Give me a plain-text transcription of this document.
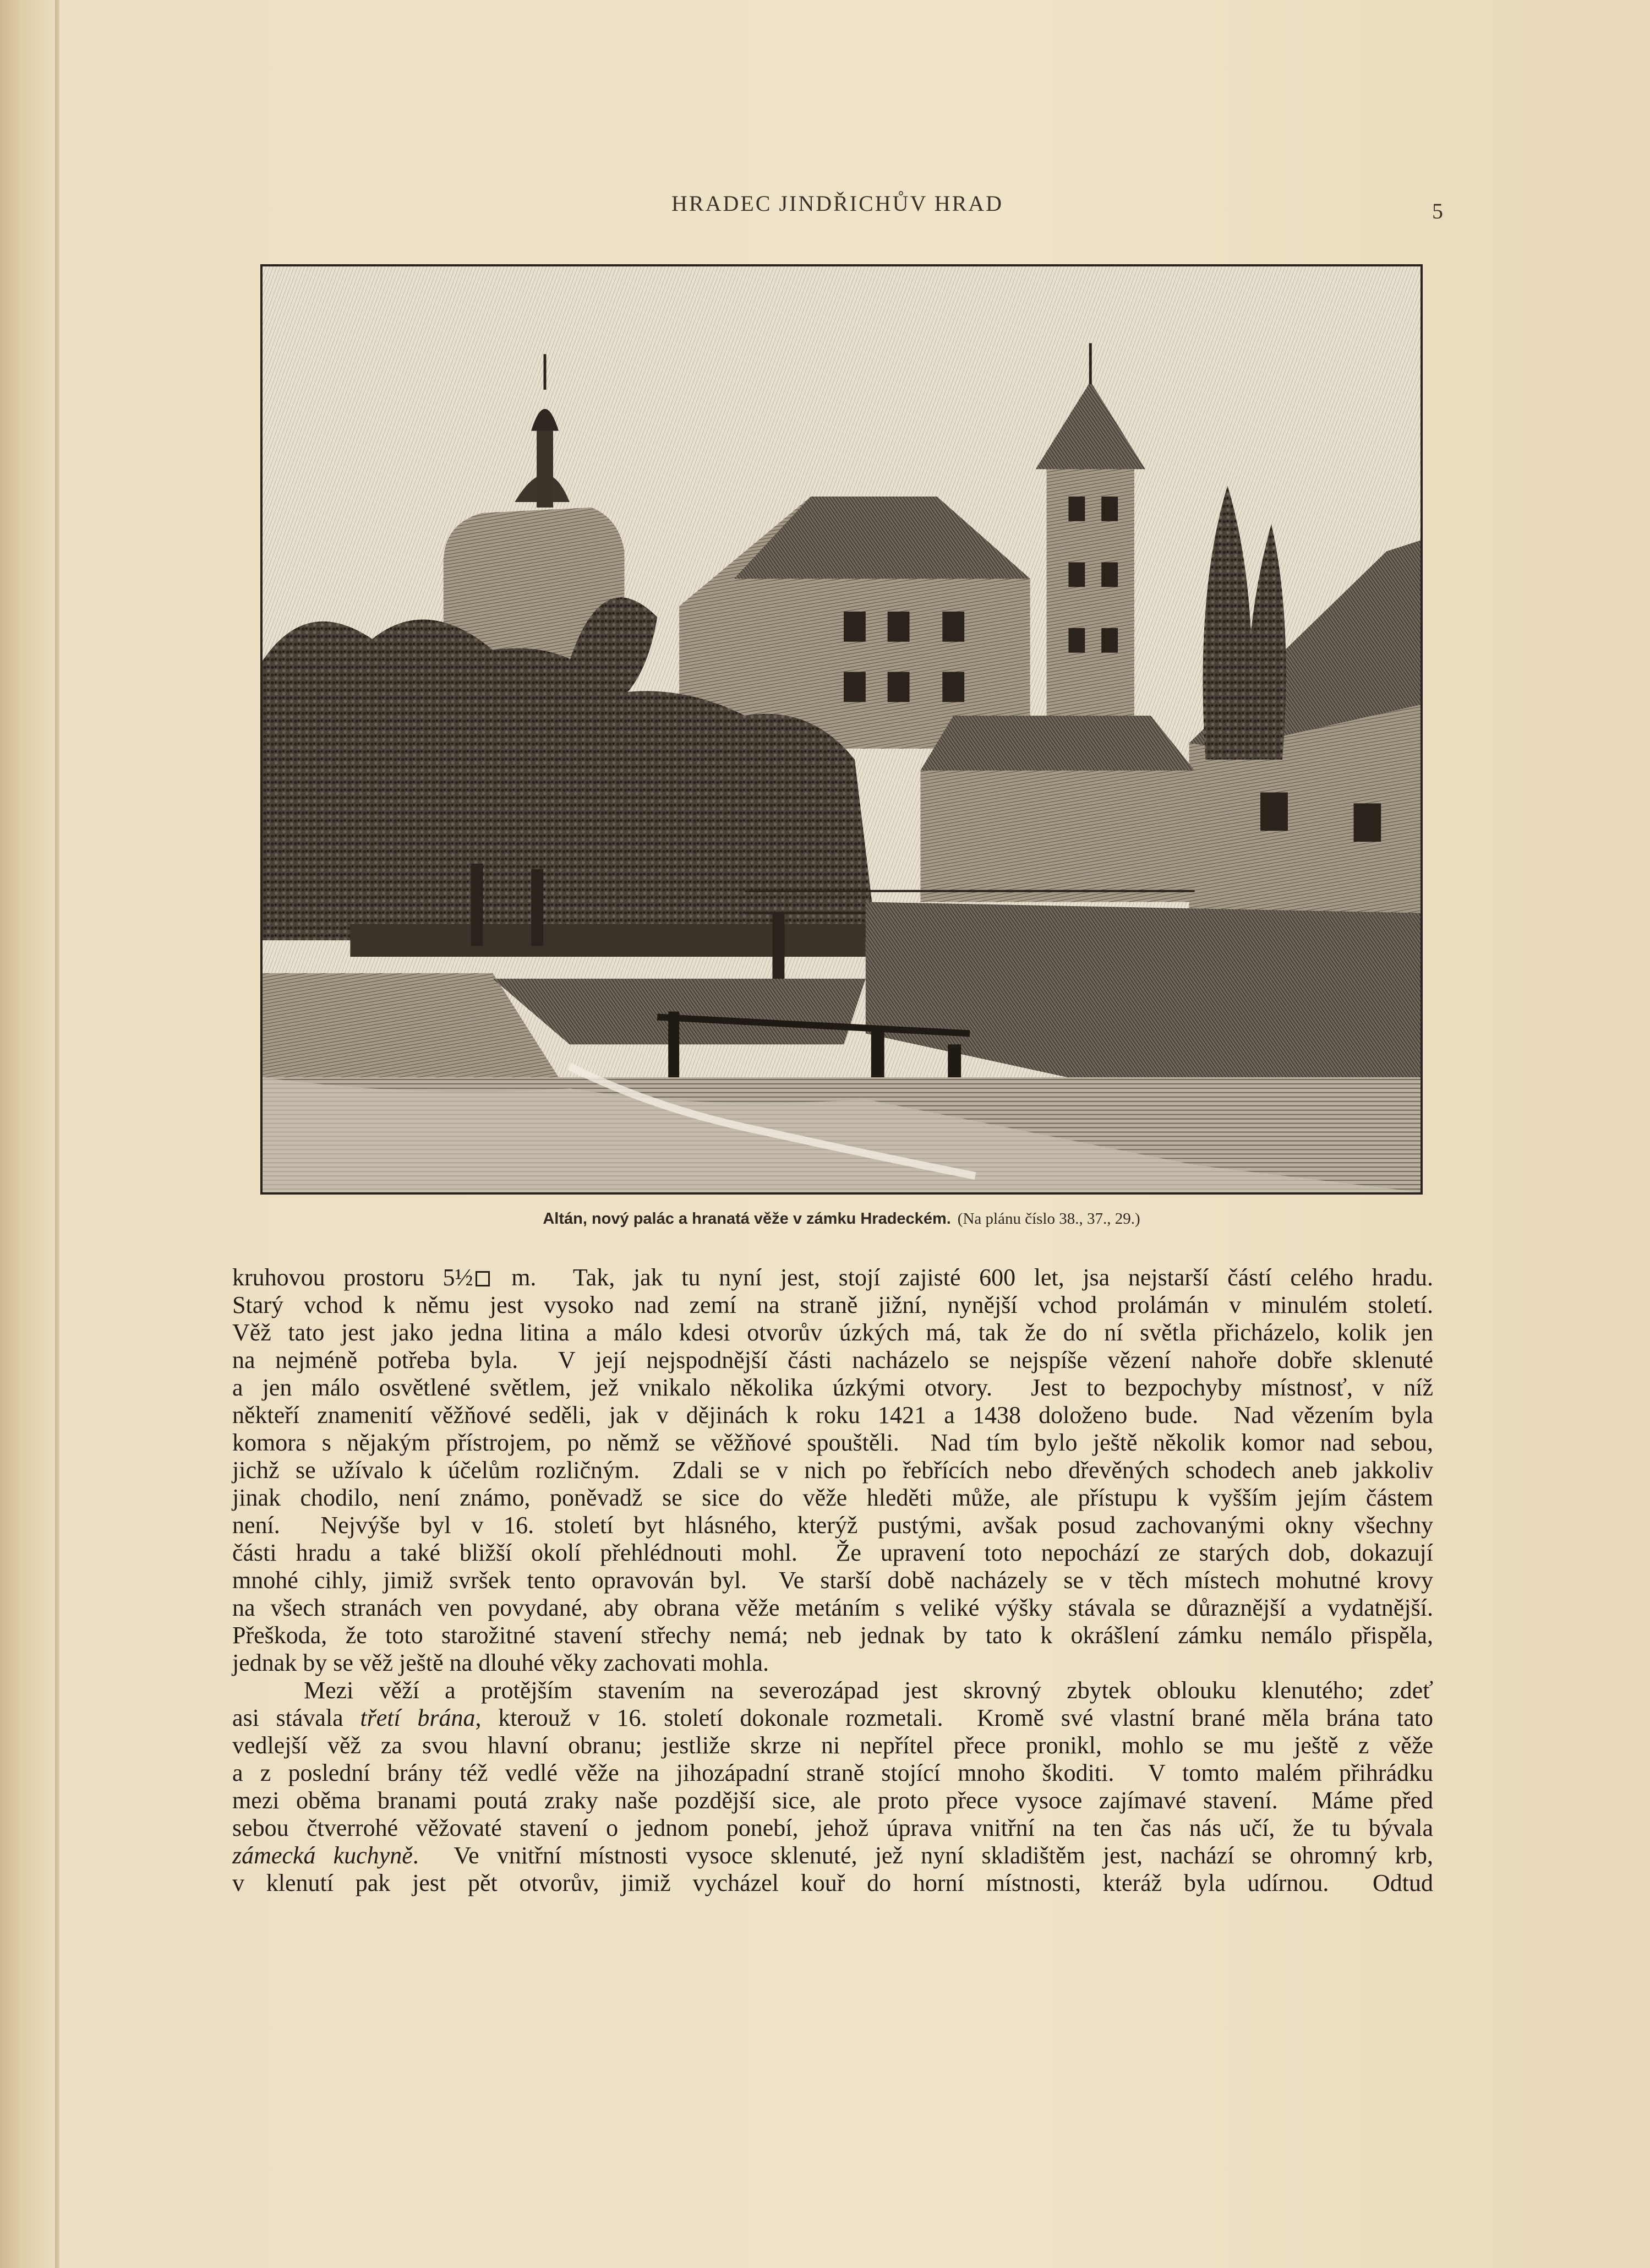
HRADEC JINDŘICHŮV HRAD	5
Altán, nový palác a hranatá věže v zámku Hradeckém. (Na plánu číslo 38., 37., 29.)
kruhovou prostoru 5½ m.  Tak, jak tu nyní jest, stojí zajisté 600 let, jsa nejstarší částí celého hradu.
Starý vchod k němu jest vysoko nad zemí na straně jižní, nynější vchod prolámán v minulém století.
Věž tato jest jako jedna litina a málo kdesi otvorův úzkých má, tak že do ní světla přicházelo, kolik jen
na nejméně potřeba byla.  V její nejspodnější části nacházelo se nejspíše vězení nahoře dobře sklenuté
a jen málo osvětlené světlem, jež vnikalo několika úzkými otvory.  Jest to bezpochyby místnosť, v níž
někteří znamenití věžňové seděli, jak v dějinách k roku 1421 a 1438 doloženo bude.  Nad vězením byla
komora s nějakým přístrojem, po němž se věžňové spouštěli.  Nad tím bylo ještě několik komor nad sebou,
jichž se užívalo k účelům rozličným.  Zdali se v nich po řebřících nebo dřevěných schodech aneb jakkoliv
jinak chodilo, není známo, poněvadž se sice do věže hleděti může, ale přístupu k vyšším jejím částem
není.  Nejvýše byl v 16. století byt hlásného, kterýž pustými, avšak posud zachovanými okny všechny
části hradu a také bližší okolí přehlédnouti mohl.  Že upravení toto nepochází ze starých dob, dokazují
mnohé cihly, jimiž svršek tento opravován byl.  Ve starší době nacházely se v těch místech mohutné krovy
na všech stranách ven povydané, aby obrana věže metáním s veliké výšky stávala se důraznější a vydatnější.
Přeškoda, že toto starožitné stavení střechy nemá; neb jednak by tato k okrášlení zámku nemálo přispěla,
jednak by se věž ještě na dlouhé věky zachovati mohla.
Mezi věží a protějším stavením na severozápad jest skrovný zbytek oblouku klenutého; zdeť
asi stávala třetí brána, kterouž v 16. století dokonale rozmetali.  Kromě své vlastní brané měla brána tato
vedlejší věž za svou hlavní obranu; jestliže skrze ni nepřítel přece pronikl, mohlo se mu ještě z věže
a z poslední brány též vedlé věže na jihozápadní straně stojící mnoho škoditi.  V tomto malém přihrádku
mezi oběma branami poutá zraky naše pozdější sice, ale proto přece vysoce zajímavé stavení.  Máme před
sebou čtverrohé věžovaté stavení o jednom ponebí, jehož úprava vnitřní na ten čas nás učí, že tu bývala
zámecká kuchyně.  Ve vnitřní místnosti vysoce sklenuté, jež nyní skladištěm jest, nachází se ohromný krb,
v klenutí pak jest pět otvorův, jimiž vycházel kouř do horní místnosti, kteráž byla udírnou.  Odtud
